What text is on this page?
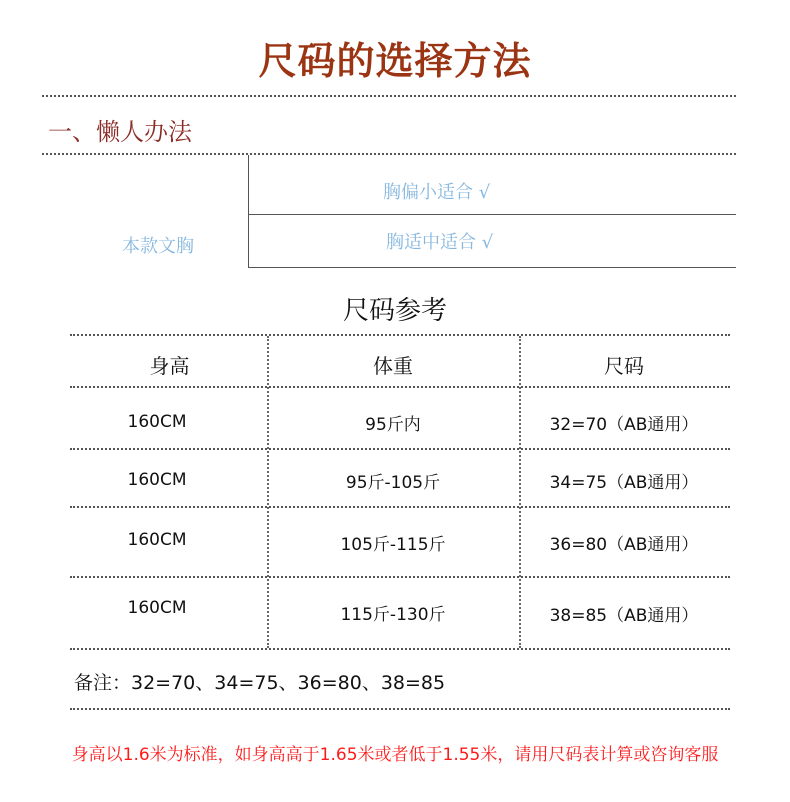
尺码的选择方法
一、懒人办法
本款文胸
胸偏小适合 √
胸适中适合 √
尺码参考
身高	体重	尺码
160CM	95斤内	32=70（AB通用）
160CM	95斤-105斤	34=75（AB通用）
160CM	105斤-115斤	36=80（AB通用）
160CM	115斤-130斤	38=85（AB通用）
备注：32=70、34=75、36=80、38=85
身高以1.6米为标准，如身高高于1.65米或者低于1.55米，请用尺码表计算或咨询客服
